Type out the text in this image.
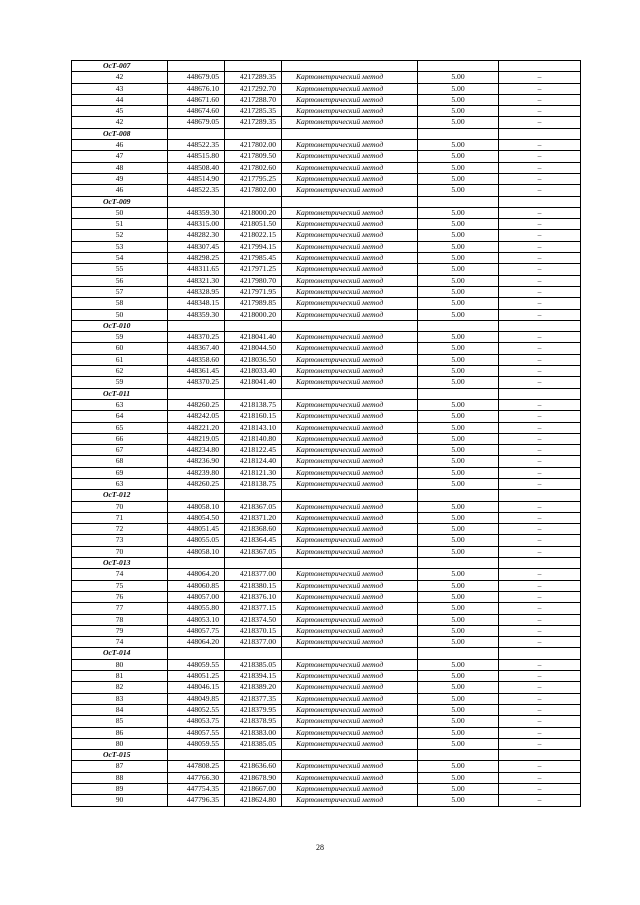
ОсТ-007					
42	448679.05	4217289.35	Картометрический метод	5.00	–
43	448676.10	4217292.70	Картометрический метод	5.00	–
44	448671.60	4217288.70	Картометрический метод	5.00	–
45	448674.60	4217285.35	Картометрический метод	5.00	–
42	448679.05	4217289.35	Картометрический метод	5.00	–
ОсТ-008					
46	448522.35	4217802.00	Картометрический метод	5.00	–
47	448515.80	4217809.50	Картометрический метод	5.00	–
48	448508.40	4217802.60	Картометрический метод	5.00	–
49	448514.90	4217795.25	Картометрический метод	5.00	–
46	448522.35	4217802.00	Картометрический метод	5.00	–
ОсТ-009					
50	448359.30	4218000.20	Картометрический метод	5.00	–
51	448315.00	4218051.50	Картометрический метод	5.00	–
52	448282.30	4218022.15	Картометрический метод	5.00	–
53	448307.45	4217994.15	Картометрический метод	5.00	–
54	448298.25	4217985.45	Картометрический метод	5.00	–
55	448311.65	4217971.25	Картометрический метод	5.00	–
56	448321.30	4217980.70	Картометрический метод	5.00	–
57	448328.95	4217971.95	Картометрический метод	5.00	–
58	448348.15	4217989.85	Картометрический метод	5.00	–
50	448359.30	4218000.20	Картометрический метод	5.00	–
ОсТ-010					
59	448370.25	4218041.40	Картометрический метод	5.00	–
60	448367.40	4218044.50	Картометрический метод	5.00	–
61	448358.60	4218036.50	Картометрический метод	5.00	–
62	448361.45	4218033.40	Картометрический метод	5.00	–
59	448370.25	4218041.40	Картометрический метод	5.00	–
ОсТ-011					
63	448260.25	4218138.75	Картометрический метод	5.00	–
64	448242.05	4218160.15	Картометрический метод	5.00	–
65	448221.20	4218143.10	Картометрический метод	5.00	–
66	448219.05	4218140.80	Картометрический метод	5.00	–
67	448234.80	4218122.45	Картометрический метод	5.00	–
68	448236.90	4218124.40	Картометрический метод	5.00	–
69	448239.80	4218121.30	Картометрический метод	5.00	–
63	448260.25	4218138.75	Картометрический метод	5.00	–
ОсТ-012					
70	448058.10	4218367.05	Картометрический метод	5.00	–
71	448054.50	4218371.20	Картометрический метод	5.00	–
72	448051.45	4218368.60	Картометрический метод	5.00	–
73	448055.05	4218364.45	Картометрический метод	5.00	–
70	448058.10	4218367.05	Картометрический метод	5.00	–
ОсТ-013					
74	448064.20	4218377.00	Картометрический метод	5.00	–
75	448060.85	4218380.15	Картометрический метод	5.00	–
76	448057.00	4218376.10	Картометрический метод	5.00	–
77	448055.80	4218377.15	Картометрический метод	5.00	–
78	448053.10	4218374.50	Картометрический метод	5.00	–
79	448057.75	4218370.15	Картометрический метод	5.00	–
74	448064.20	4218377.00	Картометрический метод	5.00	–
ОсТ-014					
80	448059.55	4218385.05	Картометрический метод	5.00	–
81	448051.25	4218394.15	Картометрический метод	5.00	–
82	448046.15	4218389.20	Картометрический метод	5.00	–
83	448049.85	4218377.35	Картометрический метод	5.00	–
84	448052.55	4218379.95	Картометрический метод	5.00	–
85	448053.75	4218378.95	Картометрический метод	5.00	–
86	448057.55	4218383.00	Картометрический метод	5.00	–
80	448059.55	4218385.05	Картометрический метод	5.00	–
ОсТ-015					
87	447808.25	4218636.60	Картометрический метод	5.00	–
88	447766.30	4218678.90	Картометрический метод	5.00	–
89	447754.35	4218667.00	Картометрический метод	5.00	–
90	447796.35	4218624.80	Картометрический метод	5.00	–
28
